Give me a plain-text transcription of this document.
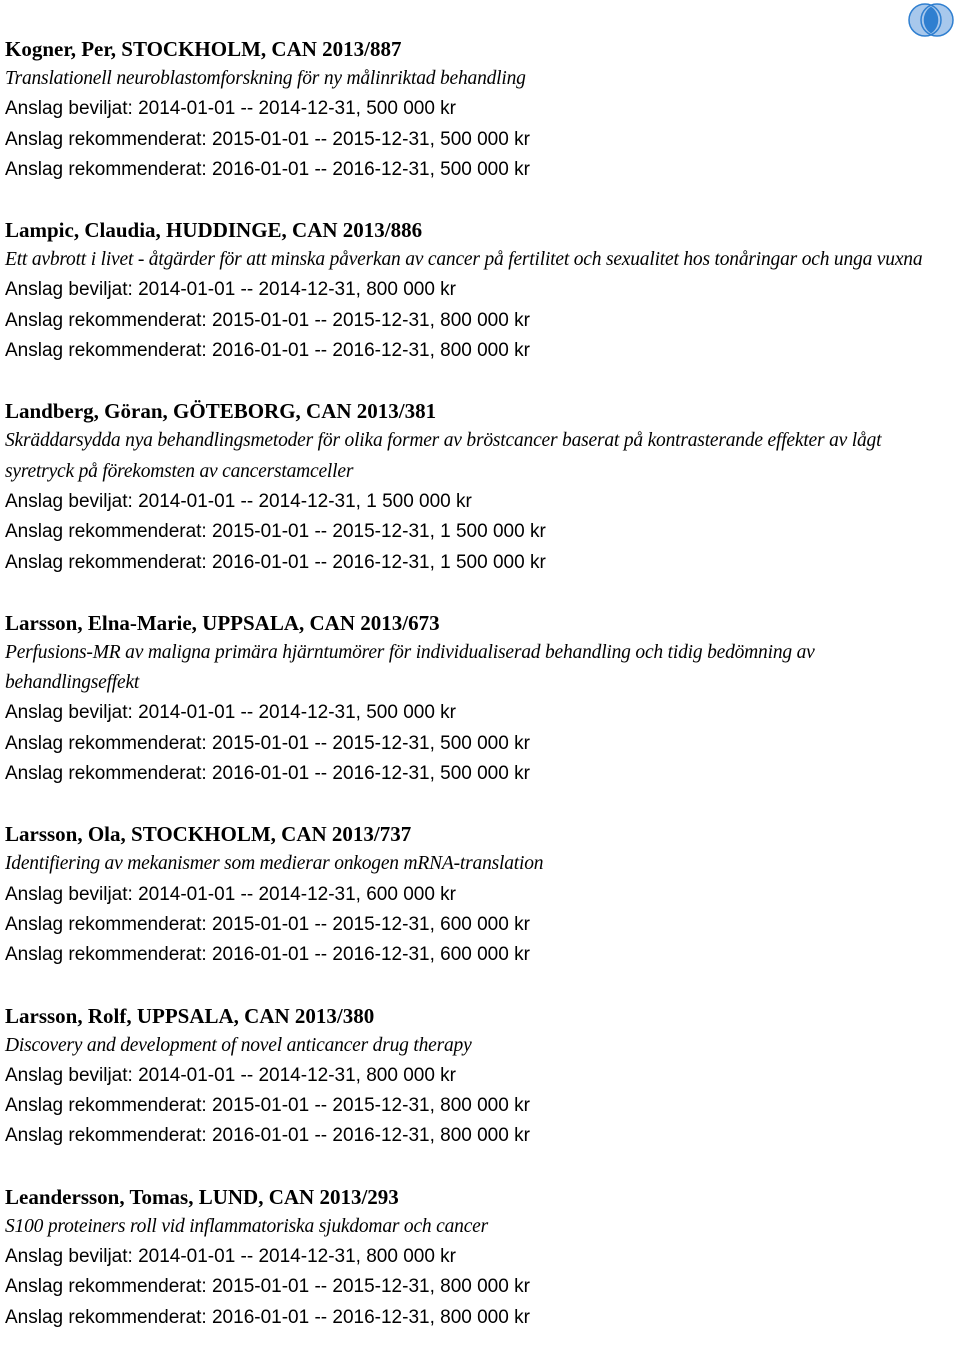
Kogner, Per, STOCKHOLM, CAN 2013/887
Translationell neuroblastomforskning för ny målinriktad behandling
Anslag beviljat: 2014-01-01 -- 2014-12-31, 500 000 kr
Anslag rekommenderat: 2015-01-01 -- 2015-12-31, 500 000 kr
Anslag rekommenderat: 2016-01-01 -- 2016-12-31, 500 000 kr
Lampic, Claudia, HUDDINGE, CAN 2013/886
Ett avbrott i livet - åtgärder för att minska påverkan av cancer på fertilitet och sexualitet hos tonåringar och unga vuxna
Anslag beviljat: 2014-01-01 -- 2014-12-31, 800 000 kr
Anslag rekommenderat: 2015-01-01 -- 2015-12-31, 800 000 kr
Anslag rekommenderat: 2016-01-01 -- 2016-12-31, 800 000 kr
Landberg, Göran, GÖTEBORG, CAN 2013/381
Skräddarsydda nya behandlingsmetoder för olika former av bröstcancer baserat på kontrasterande effekter av lågt syretryck på förekomsten av cancerstamceller
Anslag beviljat: 2014-01-01 -- 2014-12-31, 1 500 000 kr
Anslag rekommenderat: 2015-01-01 -- 2015-12-31, 1 500 000 kr
Anslag rekommenderat: 2016-01-01 -- 2016-12-31, 1 500 000 kr
Larsson, Elna-Marie, UPPSALA, CAN 2013/673
Perfusions-MR av maligna primära hjärntumörer för individualiserad behandling och tidig bedömning av behandlingseffekt
Anslag beviljat: 2014-01-01 -- 2014-12-31, 500 000 kr
Anslag rekommenderat: 2015-01-01 -- 2015-12-31, 500 000 kr
Anslag rekommenderat: 2016-01-01 -- 2016-12-31, 500 000 kr
Larsson, Ola, STOCKHOLM, CAN 2013/737
Identifiering av mekanismer som medierar onkogen mRNA-translation
Anslag beviljat: 2014-01-01 -- 2014-12-31, 600 000 kr
Anslag rekommenderat: 2015-01-01 -- 2015-12-31, 600 000 kr
Anslag rekommenderat: 2016-01-01 -- 2016-12-31, 600 000 kr
Larsson, Rolf, UPPSALA, CAN 2013/380
Discovery and development of novel anticancer drug therapy
Anslag beviljat: 2014-01-01 -- 2014-12-31, 800 000 kr
Anslag rekommenderat: 2015-01-01 -- 2015-12-31, 800 000 kr
Anslag rekommenderat: 2016-01-01 -- 2016-12-31, 800 000 kr
Leandersson, Tomas, LUND, CAN 2013/293
S100 proteiners roll vid inflammatoriska sjukdomar och cancer
Anslag beviljat: 2014-01-01 -- 2014-12-31, 800 000 kr
Anslag rekommenderat: 2015-01-01 -- 2015-12-31, 800 000 kr
Anslag rekommenderat: 2016-01-01 -- 2016-12-31, 800 000 kr
